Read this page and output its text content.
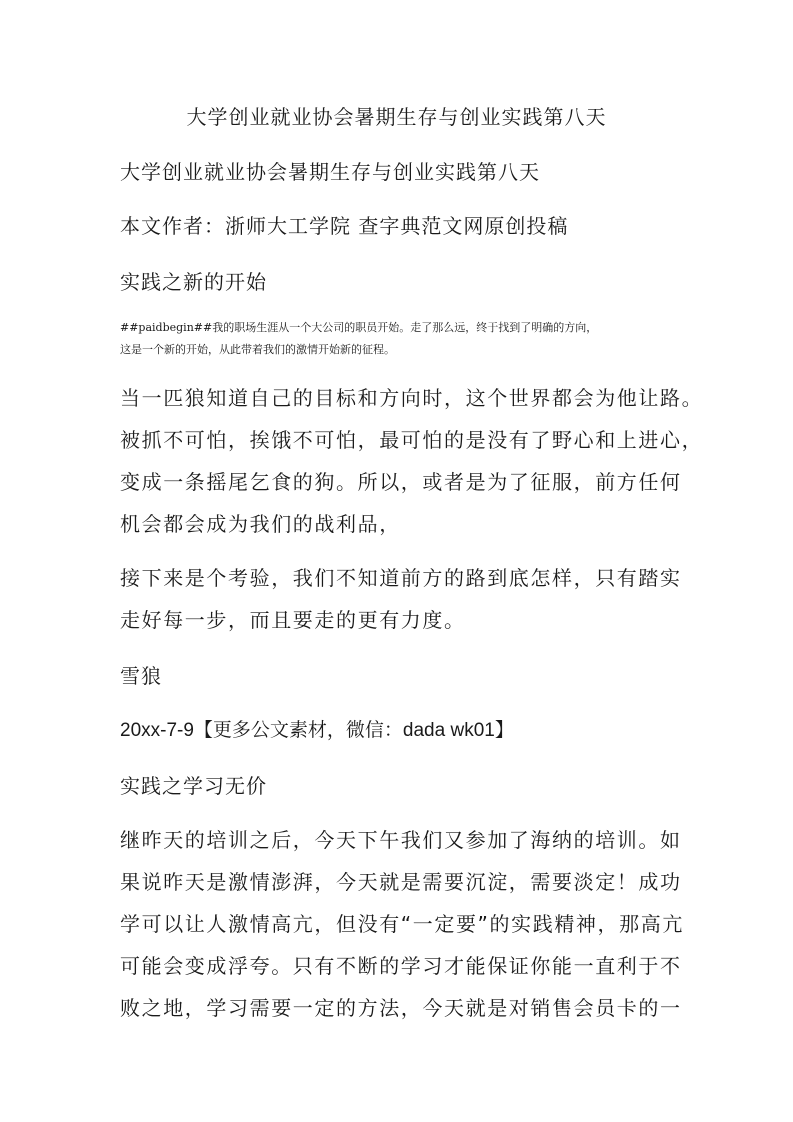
大学创业就业协会暑期生存与创业实践第八天
大学创业就业协会暑期生存与创业实践第八天
本文作者：浙师大工学院 查字典范文网原创投稿
实践之新的开始
##paidbegin##我的职场生涯从一个大公司的职员开始。走了那么远，终于找到了明确的方向，
这是一个新的开始，从此带着我们的激情开始新的征程。
当一匹狼知道自己的目标和方向时，这个世界都会为他让路。
被抓不可怕，挨饿不可怕，最可怕的是没有了野心和上进心，
变成一条摇尾乞食的狗。所以，或者是为了征服，前方任何
机会都会成为我们的战利品，
接下来是个考验，我们不知道前方的路到底怎样，只有踏实
走好每一步，而且要走的更有力度。
雪狼
20xx-7-9【更多公文素材，微信：dada wk01】
实践之学习无价
继昨天的培训之后，今天下午我们又参加了海纳的培训。如
果说昨天是激情澎湃，今天就是需要沉淀，需要淡定！成功
学可以让人激情高亢，但没有“一定要”的实践精神，那高亢
可能会变成浮夸。只有不断的学习才能保证你能一直利于不
败之地，学习需要一定的方法，今天就是对销售会员卡的一
